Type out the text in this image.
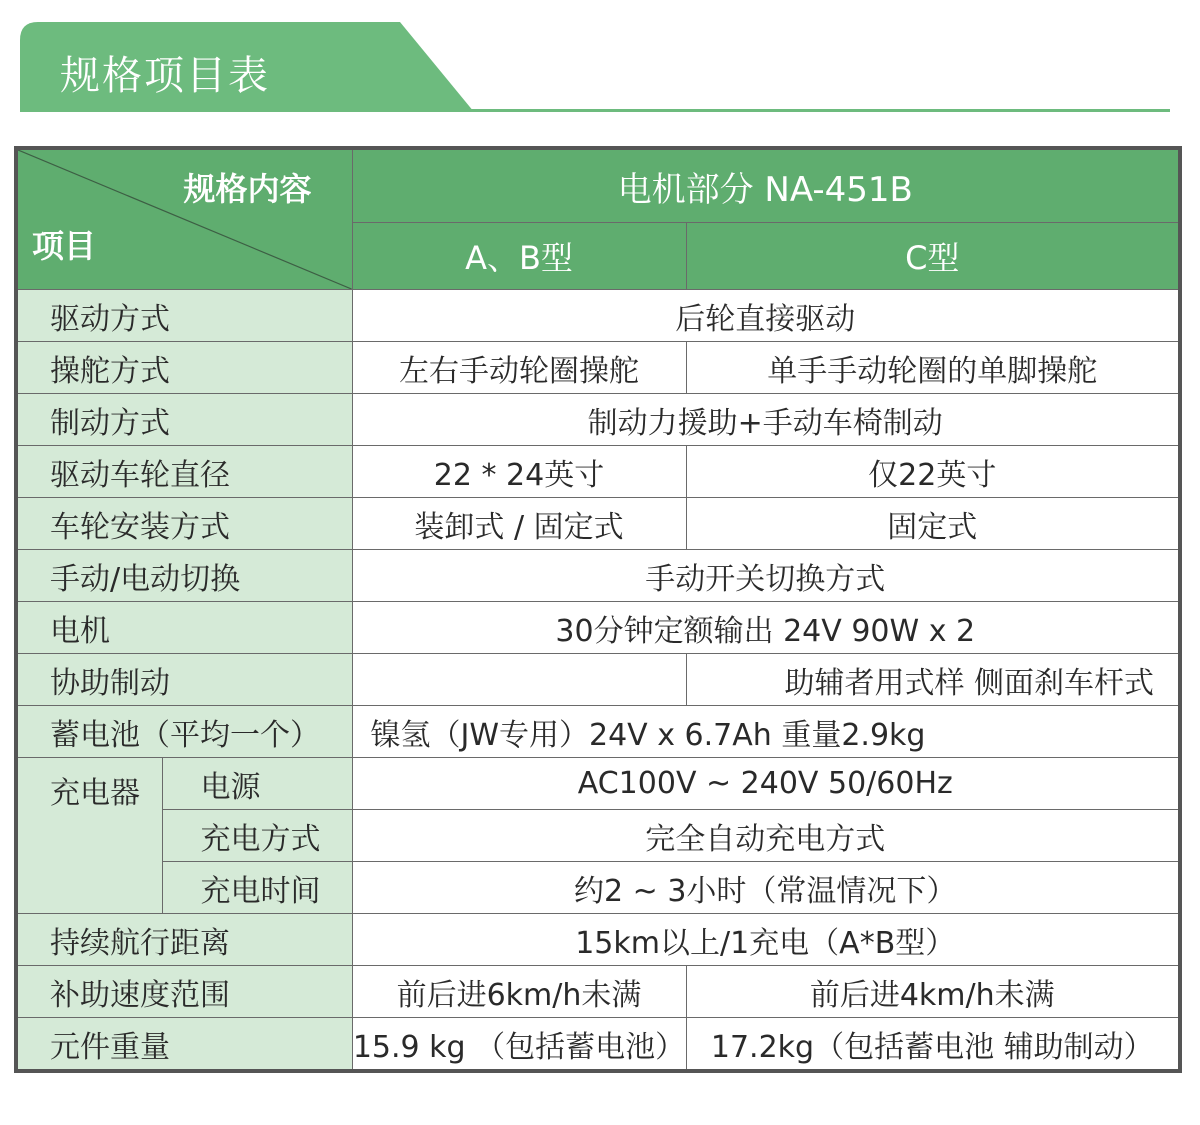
规格项目表
规格内容
项目		电机部分 NA-451B	
		A、B型	C型
驱动方式		后轮直接驱动	
操舵方式		左右手动轮圈操舵	单手手动轮圈的单脚操舵
制动方式		制动力援助+手动车椅制动	
驱动车轮直径		22 * 24英寸	仅22英寸
车轮安装方式		装卸式 / 固定式	固定式
手动/电动切换		手动开关切换方式	
电机		30分钟定额输出 24V 90W x 2	
协助制动			助辅者用式样 侧面刹车杆式
蓄电池（平均一个）		镍氢（JW专用）24V x 6.7Ah 重量2.9kg	
充电器	电源	AC100V ~ 240V 50/60Hz	
	充电方式	完全自动充电方式	
	充电时间	约2 ~ 3小时（常温情况下）	
持续航行距离		15km以上/1充电（A*B型）	
补助速度范围		前后进6km/h未满	前后进4km/h未满
元件重量		15.9 kg （包括蓄电池）	17.2kg（包括蓄电池 辅助制动）
